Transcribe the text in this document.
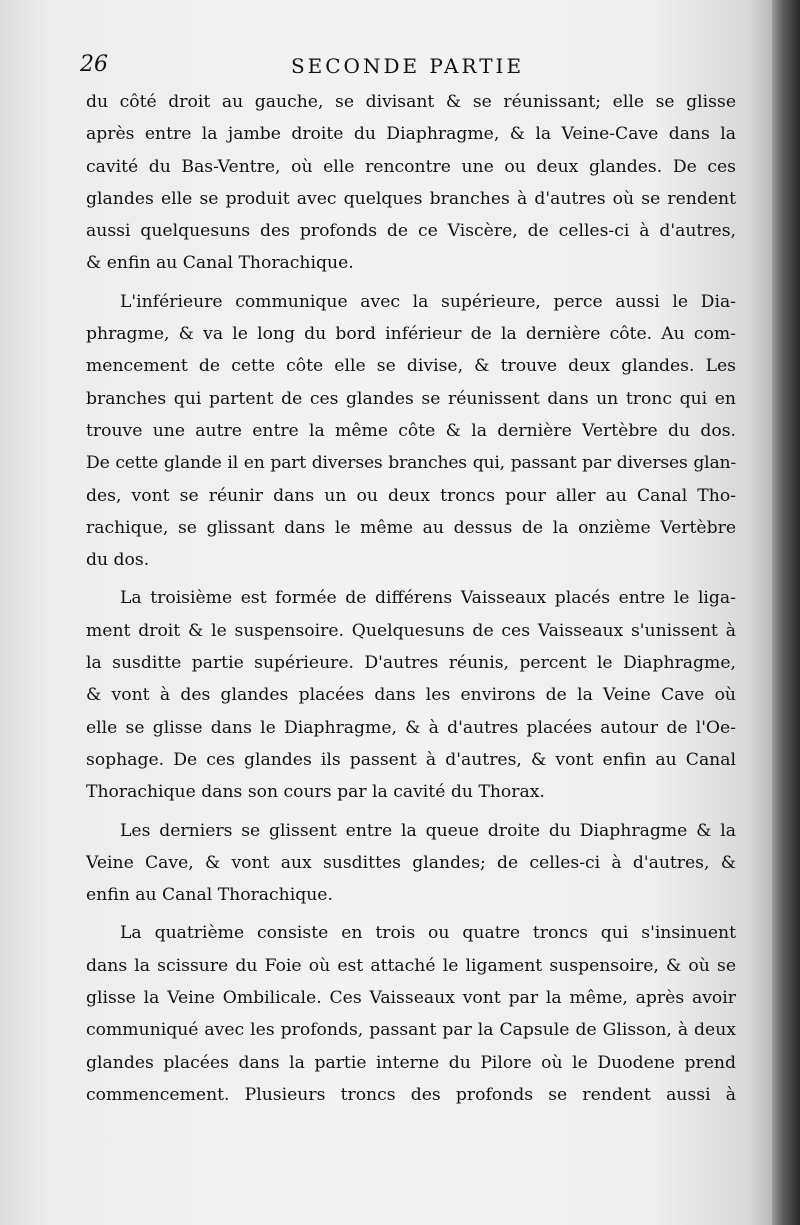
26	SECONDE PARTIE
du côté droit au gauche, se divisant & se réunissant; elle se glisse
après entre la jambe droite du Diaphragme, & la Veine-Cave dans la
cavité du Bas-Ventre, où elle rencontre une ou deux glandes. De ces
glandes elle se produit avec quelques branches à d'autres où se rendent
aussi quelquesuns des profonds de ce Viscère, de celles-ci à d'autres,
& enfin au Canal Thorachique.
L'inférieure communique avec la supérieure, perce aussi le Dia-
phragme, & va le long du bord inférieur de la dernière côte. Au com-
mencement de cette côte elle se divise, & trouve deux glandes. Les
branches qui partent de ces glandes se réunissent dans un tronc qui en
trouve une autre entre la même côte & la dernière Vertèbre du dos.
De cette glande il en part diverses branches qui, passant par diverses glan-
des, vont se réunir dans un ou deux troncs pour aller au Canal Tho-
rachique, se glissant dans le même au dessus de la onzième Vertèbre
du dos.
La troisième est formée de différens Vaisseaux placés entre le liga-
ment droit & le suspensoire. Quelquesuns de ces Vaisseaux s'unissent à
la susditte partie supérieure. D'autres réunis, percent le Diaphragme,
& vont à des glandes placées dans les environs de la Veine Cave où
elle se glisse dans le Diaphragme, & à d'autres placées autour de l'Oe-
sophage. De ces glandes ils passent à d'autres, & vont enfin au Canal
Thorachique dans son cours par la cavité du Thorax.
Les derniers se glissent entre la queue droite du Diaphragme & la
Veine Cave, & vont aux susdittes glandes; de celles-ci à d'autres, &
enfin au Canal Thorachique.
La quatrième consiste en trois ou quatre troncs qui s'insinuent
dans la scissure du Foie où est attaché le ligament suspensoire, & où se
glisse la Veine Ombilicale. Ces Vaisseaux vont par la même, après avoir
communiqué avec les profonds, passant par la Capsule de Glisson, à deux
glandes placées dans la partie interne du Pilore où le Duodene prend
commencement. Plusieurs troncs des profonds se rendent aussi à
